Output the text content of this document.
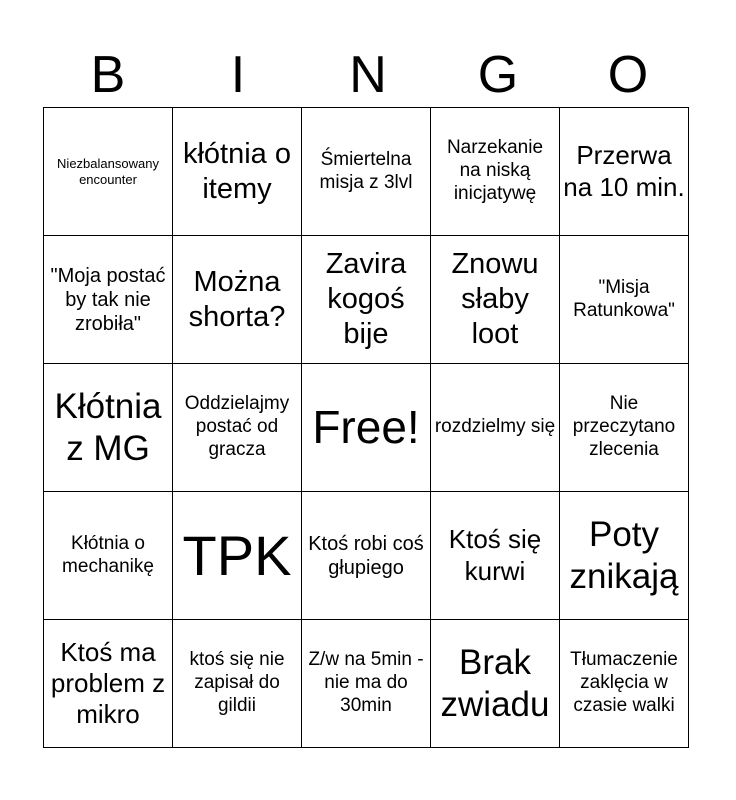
B	I	N	G	O
Niezbalansowany encounter	kłótnia o itemy	Śmiertelna misja z 3lvl	Narzekanie na niską inicjatywę	Przerwa na 10 min.
"Moja postać by tak nie zrobiła"	Można shorta?	Zavira kogoś bije	Znowu słaby loot	"Misja Ratunkowa"
Kłótnia z MG	Oddzielajmy postać od gracza	Free!	rozdzielmy się	Nie przeczytano zlecenia
Kłótnia o mechanikę	TPK	Ktoś robi coś głupiego	Ktoś się kurwi	Poty znikają
Ktoś ma problem z mikro	ktoś się nie zapisał do gildii	Z/w na 5min - nie ma do 30min	Brak zwiadu	Tłumaczenie zaklęcia w czasie walki
